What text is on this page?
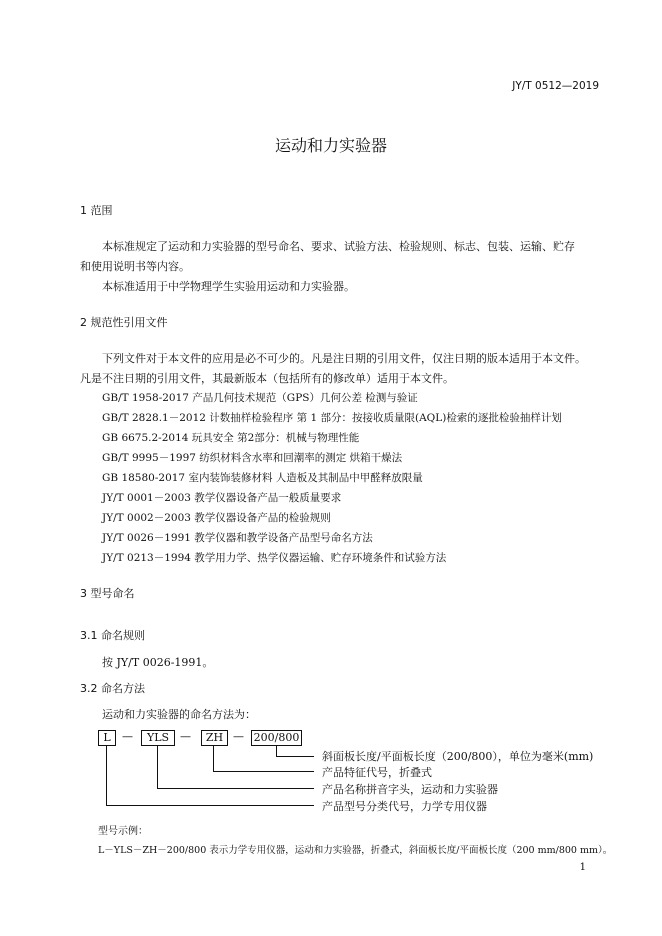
JY/T 0512—2019
运动和力实验器
1 范围
本标准规定了运动和力实验器的型号命名、要求、试验方法、检验规则、标志、包装、运输、贮存
和使用说明书等内容。
本标准适用于中学物理学生实验用运动和力实验器。
2 规范性引用文件
下列文件对于本文件的应用是必不可少的。凡是注日期的引用文件，仅注日期的版本适用于本文件。
凡是不注日期的引用文件，其最新版本（包括所有的修改单）适用于本文件。
GB/T 1958-2017 产品几何技术规范（GPS）几何公差 检测与验证
GB/T 2828.1－2012 计数抽样检验程序 第 1 部分：按接收质量限(AQL)检索的逐批检验抽样计划
GB 6675.2-2014 玩具安全 第2部分：机械与物理性能
GB/T 9995－1997 纺织材料含水率和回潮率的测定 烘箱干燥法
GB 18580-2017 室内装饰装修材料 人造板及其制品中甲醛释放限量
JY/T 0001－2003 教学仪器设备产品一般质量要求
JY/T 0002－2003 教学仪器设备产品的检验规则
JY/T 0026－1991 教学仪器和教学设备产品型号命名方法
JY/T 0213－1994 教学用力学、热学仪器运输、贮存环境条件和试验方法
3 型号命名
3.1 命名规则
按 JY/T 0026-1991。
3.2 命名方法
运动和力实验器的命名方法为：
L	—	YLS —	ZH — 200/800
斜面板长度/平面板长度（200/800），单位为毫米(mm)
产品特征代号，折叠式
产品名称拼音字头，运动和力实验器
产品型号分类代号，力学专用仪器
型号示例：
L－YLS－ZH－200/800 表示力学专用仪器，运动和力实验器，折叠式，斜面板长度/平面板长度（200 mm/800 mm）。
1
